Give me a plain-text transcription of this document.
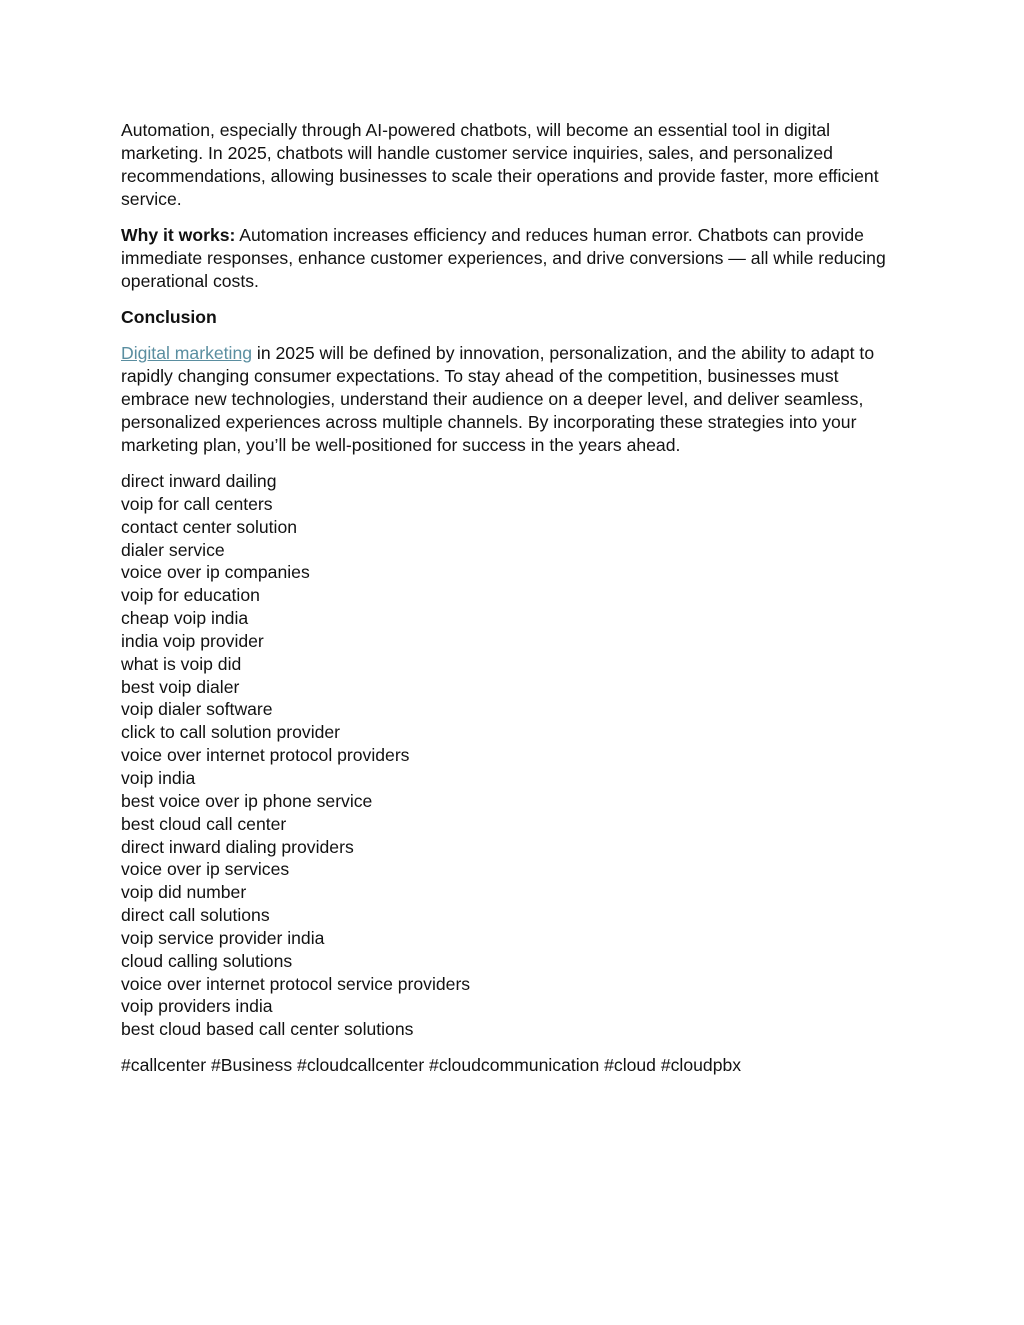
Automation, especially through AI-powered chatbots, will become an essential tool in digital marketing. In 2025, chatbots will handle customer service inquiries, sales, and personalized recommendations, allowing businesses to scale their operations and provide faster, more efficient service.

Why it works: Automation increases efficiency and reduces human error. Chatbots can provide immediate responses, enhance customer experiences, and drive conversions — all while reducing operational costs.

Conclusion

Digital marketing in 2025 will be defined by innovation, personalization, and the ability to adapt to rapidly changing consumer expectations. To stay ahead of the competition, businesses must embrace new technologies, understand their audience on a deeper level, and deliver seamless, personalized experiences across multiple channels. By incorporating these strategies into your marketing plan, you’ll be well-positioned for success in the years ahead.

direct inward dailing
voip for call centers
contact center solution
dialer service
voice over ip companies
voip for education
cheap voip india
india voip provider
what is voip did
best voip dialer
voip dialer software
click to call solution provider
voice over internet protocol providers
voip india
best voice over ip phone service
best cloud call center
direct inward dialing providers
voice over ip services
voip did number
direct call solutions
voip service provider india
cloud calling solutions
voice over internet protocol service providers
voip providers india
best cloud based call center solutions

#callcenter #Business #cloudcallcenter #cloudcommunication #cloud #cloudpbx
